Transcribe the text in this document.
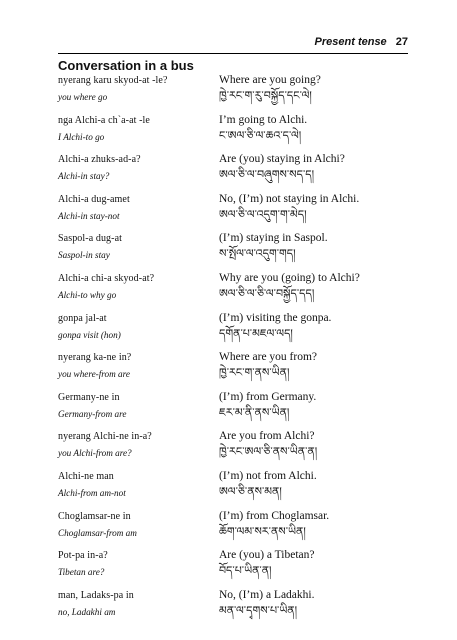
Present tense 27
Conversation in a bus
nyerang karu skyod-at -le?
you where go
Where are you going?
ཁྱེ་རང་ག་རུ་བསྐྱོད་དང་ལེ།
nga Alchi-a ch`a-at -le
I Alchi-to go
I’m going to Alchi.
ང་ཨལ་ཅི་ལ་ཆའ་ད་ལེ།
Alchi-a zhuks-ad-a?
Alchi-in stay?
Are (you) staying in Alchi?
ཨལ་ཅི་ལ་བཞུགས་སད་ད།
Alchi-a dug-amet
Alchi-in stay-not
No, (I’m) not staying in Alchi.
ཨལ་ཅི་ལ་འདུག་ག་མེད།
Saspol-a dug-at
Saspol-in stay
(I’m) staying in Saspol.
ས་སྤོལ་ལ་འདུག་གད།
Alchi-a chi-a skyod-at?
Alchi-to why go
Why are you (going) to Alchi?
ཨལ་ཅི་ལ་ཅི་ལ་བསྐྱོད་དད།
gonpa jal-at
gonpa visit (hon)
(I’m) visiting the gonpa.
དགོན་པ་མཇལ་ལད།
nyerang ka-ne in?
you where-from are
Where are you from?
ཁྱེ་རང་ག་ནས་ཡིན།
Germany-ne in
Germany-from are
(I’m) from Germany.
ཇར་མ་ནི་ནས་ཡིན།
nyerang Alchi-ne in-a?
you Alchi-from are?
Are you from Alchi?
ཁྱེ་རང་ཨལ་ཅི་ནས་ཡིན་ན།
Alchi-ne man
Alchi-from am-not
(I’m) not from Alchi.
ཨལ་ཅི་ནས་མན།
Choglamsar-ne in
Choglamsar-from am
(I’m) from Choglamsar.
ཆོག་ལམ་སར་ནས་ཡིན།
Pot-pa in-a?
Tibetan are?
Are (you) a Tibetan?
བོད་པ་ཡིན་ན།
man, Ladaks-pa in
no, Ladakhi am
No, (I’m) a Ladakhi.
མན་ལ་དྭགས་པ་ཡིན།
